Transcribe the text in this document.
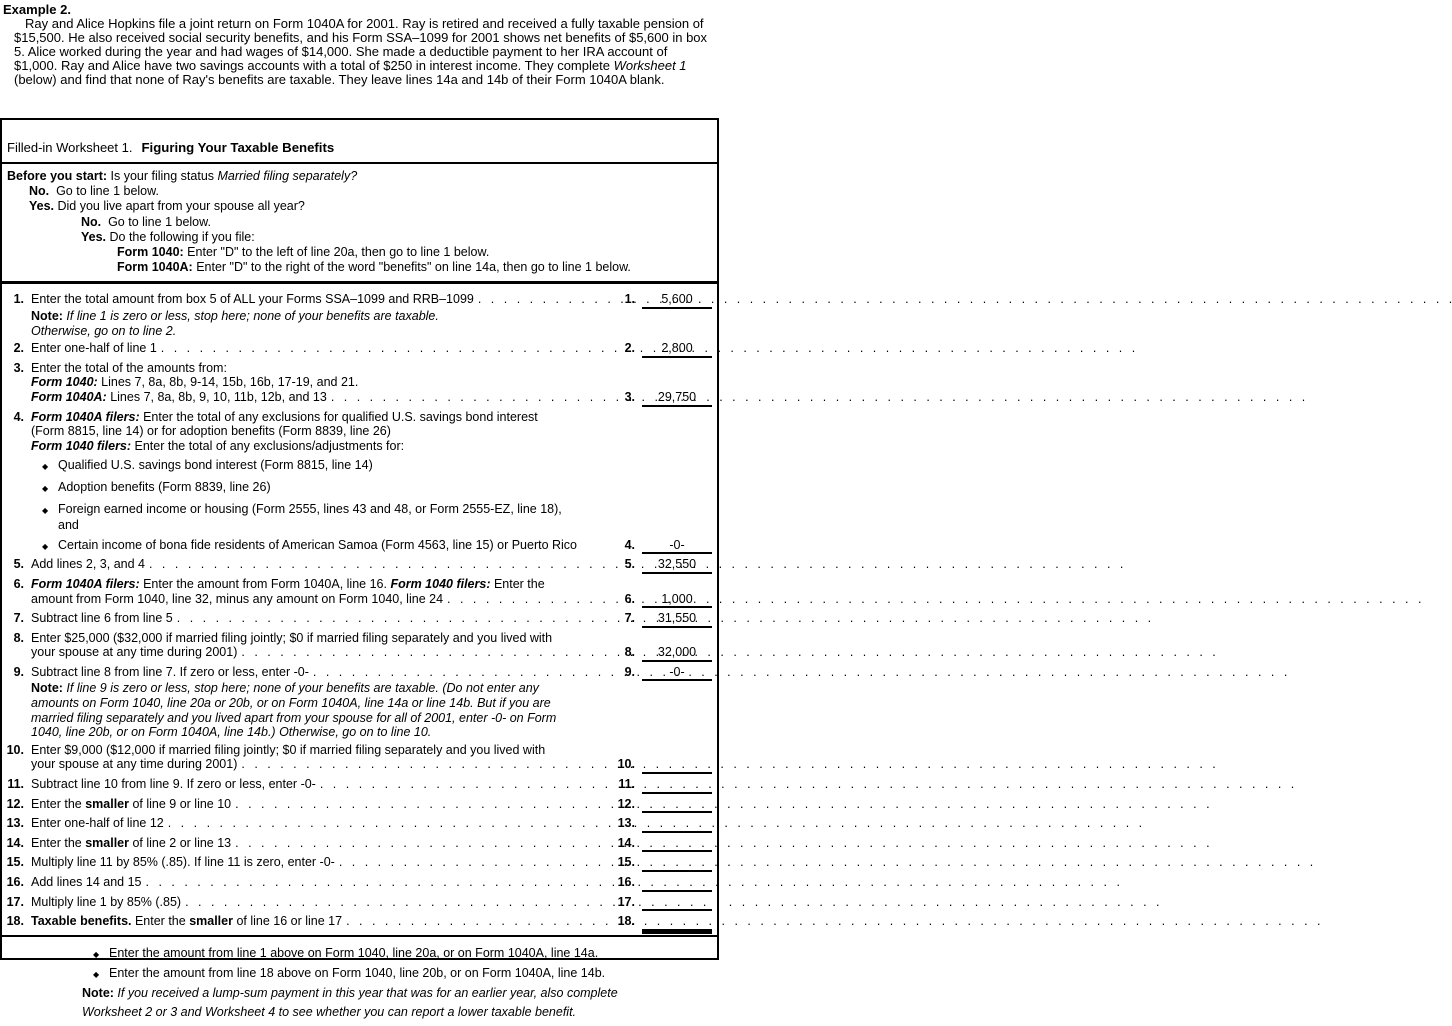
Example 2.

Ray and Alice Hopkins file a joint return on Form 1040A for 2001. Ray is retired and received a fully taxable pension of $15,500. He also received social security benefits, and his Form SSA–1099 for 2001 shows net benefits of $5,600 in box 5. Alice worked during the year and had wages of $14,000. She made a deductible payment to her IRA account of $1,000. Ray and Alice have two savings accounts with a total of $250 in interest income. They complete Worksheet 1 (below) and find that none of Ray's benefits are taxable. They leave lines 14a and 14b of their Form 1040A blank.

Filled-in Worksheet 1. Figuring Your Taxable Benefits
Before you start: Is your filing status Married filing separately?
No.  Go to line 1 below.
Yes. Did you live apart from your spouse all year?
No.  Go to line 1 below.
Yes. Do the following if you file:
Form 1040: Enter "D" to the left of line 20a, then go to line 1 below.
Form 1040A: Enter "D" to the right of the word "benefits" on line 14a, then go to line 1 below.
1. Enter the total amount from box 5 of ALL your Forms SSA–1099 and RRB–1099 . . .	1.	5,600
Note: If line 1 is zero or less, stop here; none of your benefits are taxable.
Otherwise, go on to line 2.
2. Enter one-half of line 1 . . .	2.	2,800
3. Enter the total of the amounts from:
Form 1040: Lines 7, 8a, 8b, 9-14, 15b, 16b, 17-19, and 21.
Form 1040A: Lines 7, 8a, 8b, 9, 10, 11b, 12b, and 13 . . .	3.	29,750
4. Form 1040A filers: Enter the total of any exclusions for qualified U.S. savings bond interest
(Form 8815, line 14) or for adoption benefits (Form 8839, line 26)
Form 1040 filers: Enter the total of any exclusions/adjustments for:
◆ Qualified U.S. savings bond interest (Form 8815, line 14)
◆ Adoption benefits (Form 8839, line 26)
◆ Foreign earned income or housing (Form 2555, lines 43 and 48, or Form 2555-EZ, line 18),
and
◆ Certain income of bona fide residents of American Samoa (Form 4563, line 15) or Puerto Rico	4.	-0-
5. Add lines 2, 3, and 4 . . .	5.	32,550
6. Form 1040A filers: Enter the amount from Form 1040A, line 16. Form 1040 filers: Enter the
amount from Form 1040, line 32, minus any amount on Form 1040, line 24 . . .	6.	1,000
7. Subtract line 6 from line 5 . . .	7.	31,550
8. Enter $25,000 ($32,000 if married filing jointly; $0 if married filing separately and you lived with
your spouse at any time during 2001) . . .	8.	32,000
9. Subtract line 8 from line 7. If zero or less, enter -0- . . .	9.	-0-
Note: If line 9 is zero or less, stop here; none of your benefits are taxable. (Do not enter any
amounts on Form 1040, line 20a or 20b, or on Form 1040A, line 14a or line 14b. But if you are
married filing separately and you lived apart from your spouse for all of 2001, enter -0- on Form
1040, line 20b, or on Form 1040A, line 14b.) Otherwise, go on to line 10.
10. Enter $9,000 ($12,000 if married filing jointly; $0 if married filing separately and you lived with
your spouse at any time during 2001) . . .	10.

11. Subtract line 10 from line 9. If zero or less, enter -0- . . .	11.

12. Enter the smaller of line 9 or line 10 . . .	12.

13. Enter one-half of line 12 . . .	13.

14. Enter the smaller of line 2 or line 13 . . .	14.

15. Multiply line 11 by 85% (.85). If line 11 is zero, enter -0- . . .	15.

16. Add lines 14 and 15 . . .	16.

17. Multiply line 1 by 85% (.85) . . .	17.

18. Taxable benefits. Enter the smaller of line 16 or line 17 . . .	18.

◆ Enter the amount from line 1 above on Form 1040, line 20a, or on Form 1040A, line 14a.
◆ Enter the amount from line 18 above on Form 1040, line 20b, or on Form 1040A, line 14b.
Note: If you received a lump-sum payment in this year that was for an earlier year, also complete
Worksheet 2 or 3 and Worksheet 4 to see whether you can report a lower taxable benefit.
